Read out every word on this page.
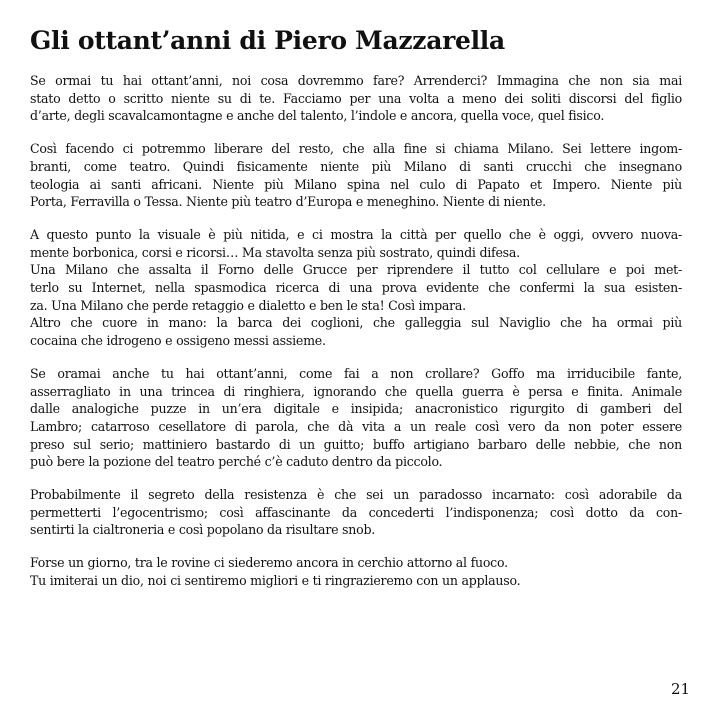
Gli ottant’anni di Piero Mazzarella

Se ormai tu hai ottant’anni, noi cosa dovremmo fare? Arrenderci? Immagina che non sia mai
stato detto o scritto niente su di te. Facciamo per una volta a meno dei soliti discorsi del figlio
d’arte, degli scavalcamontagne e anche del talento, l’indole e ancora, quella voce, quel fisico.

Così facendo ci potremmo liberare del resto, che alla fine si chiama Milano. Sei lettere ingom-
branti, come teatro. Quindi fisicamente niente più Milano di santi crucchi che insegnano
teologia ai santi africani. Niente più Milano spina nel culo di Papato et Impero. Niente più
Porta, Ferravilla o Tessa. Niente più teatro d’Europa e meneghino. Niente di niente.

A questo punto la visuale è più nitida, e ci mostra la città per quello che è oggi, ovvero nuova-
mente borbonica, corsi e ricorsi… Ma stavolta senza più sostrato, quindi difesa.
Una Milano che assalta il Forno delle Grucce per riprendere il tutto col cellulare e poi met-
terlo su Internet, nella spasmodica ricerca di una prova evidente che confermi la sua esisten-
za. Una Milano che perde retaggio e dialetto e ben le sta! Così impara.
Altro che cuore in mano: la barca dei coglioni, che galleggia sul Naviglio che ha ormai più
cocaina che idrogeno e ossigeno messi assieme.

Se oramai anche tu hai ottant’anni, come fai a non crollare? Goffo ma irriducibile fante,
asserragliato in una trincea di ringhiera, ignorando che quella guerra è persa e finita. Animale
dalle analogiche puzze in un’era digitale e insipida; anacronistico rigurgito di gamberi del
Lambro; catarroso cesellatore di parola, che dà vita a un reale così vero da non poter essere
preso sul serio; mattiniero bastardo di un guitto; buffo artigiano barbaro delle nebbie, che non
può bere la pozione del teatro perché c’è caduto dentro da piccolo.

Probabilmente il segreto della resistenza è che sei un paradosso incarnato: così adorabile da
permetterti l’egocentrismo; così affascinante da concederti l’indisponenza; così dotto da con-
sentirti la cialtroneria e così popolano da risultare snob.

Forse un giorno, tra le rovine ci siederemo ancora in cerchio attorno al fuoco.
Tu imiterai un dio, noi ci sentiremo migliori e ti ringrazieremo con un applauso.

21
